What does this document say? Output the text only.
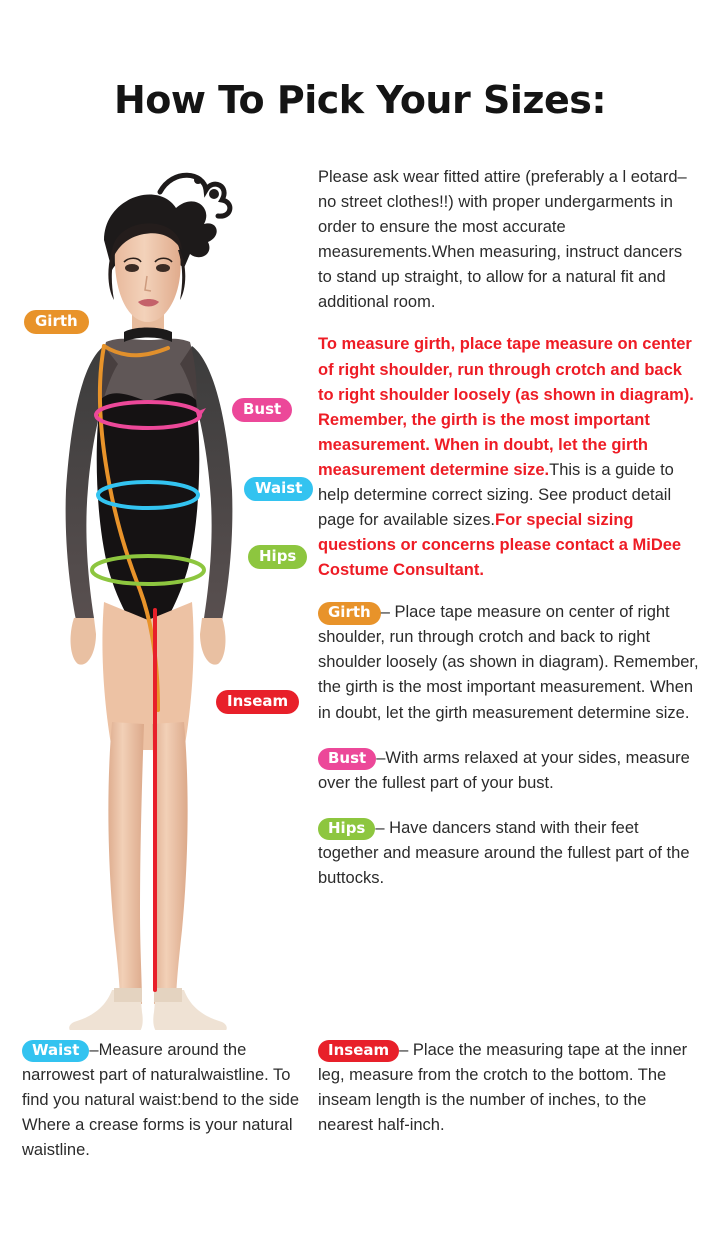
How To Pick Your Sizes:
Girth
Bust
Waist
Hips
Inseam

Please ask wear fitted attire (preferably a l eotard–no street clothes!!) with proper undergarments in order to ensure the most accurate measurements.When measuring, instruct dancers to stand up straight, to allow for a natural fit and additional room.

To measure girth, place tape measure on center of right shoulder, run through crotch and back to right shoulder loosely (as shown in diagram). Remember, the girth is the most important measurement. When in doubt, let the girth measurement determine size.This is a guide to help determine correct sizing. See product detail page for available sizes.For special sizing questions or concerns please contact a MiDee Costume Consultant.

Girth – Place tape measure on center of right shoulder, run through crotch and back to right shoulder loosely (as shown in diagram). Remember, the girth is the most important measurement. When in doubt, let the girth measurement determine size.

Bust –With arms relaxed at your sides, measure over the fullest part of your bust.

Hips – Have dancers stand with their feet together and measure around the fullest part of the buttocks.

Waist –Measure around the narrowest part of naturalwaistline. To find you natural waist:bend to the side Where a crease forms is your natural waistline.
Inseam – Place the measuring tape at the inner leg, measure from the crotch to the bottom. The inseam length is the number of inches, to the nearest half-inch.
